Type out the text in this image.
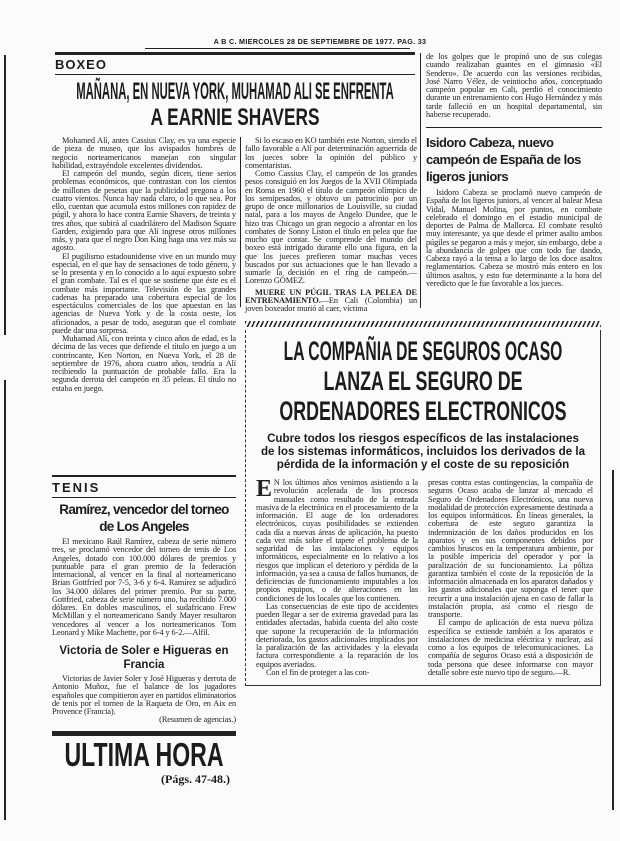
A B C. MIERCOLES 28 DE SEPTIEMBRE DE 1977. PAG. 33
BOXEO
MAÑANA, EN NUEVA YORK, MUHAMAD ALI SE ENFRENTA
A EARNIE SHAVERS

Mohamed Alí, antes Cassius Clay, es ya una especie de pieza de museo, que los avispados hombres de negocio norteamericanos manejan con singular habilidad, extrayéndole excelentes dividendos.

El campeón del mundo, según dicen, tiene serios problemas económicos, que contrastan con los cientos de millones de pesetas que la publicidad pregona a los cuatro vientos. Nunca hay nada claro, o lo que sea. Por ello, cuentan que acumula estos millones con rapidez de púgil, y ahora lo hace contra Earnie Shavers, de treinta y tres años, que subirá al cuadrilátero del Madison Square Garden, exigiendo para que Alí ingrese otros millones más, y para que el negro Don King haga una vez más su agosto.

El pugilismo estadounidense vive en un mundo muy especial, en el que hay de sensaciones de todo género, y se lo presenta y en lo conocido a lo aquí expuesto sobre el gran combate. Tal es el que se sostiene que éste es el combate más importante. Televisión de las grandes cadenas ha preparado una cobertura especial de los espectáculos comerciales de los que apuestan en las agencias de Nueva York y de la costa oeste, los aficionados, a pesar de todo, aseguran que el combate puede dar una sorpresa.

Muhamad Alí, con treinta y cinco años de edad, es la décima de las veces que defiende el título en juego a un contrincante, Ken Norton, en Nueva York, el 28 de septiembre de 1976, ahora cuatro años, tendría a Alí recibiendo la puntuación de probable fallo. Era la segunda derrota del campeón en 35 peleas. El título no estaba en juego.

TENIS
Ramírez, vencedor del torneo de Los Angeles

El mexicano Raúl Ramírez, cabeza de serie número tres, se proclamó vencedor del torneo de tenis de Los Angeles, dotado con 100.000 dólares de premios y puntuable para el gran premio de la federación internacional, al vencer en la final al norteamericano Brian Gottfried por 7-5, 3-6 y 6-4. Ramírez se adjudicó los 34.000 dólares del primer premio. Por su parte, Gottfried, cabeza de serie número uno, ha recibido 7.000 dólares. En dobles masculinos, el sudafricano Frew McMillan y el norteamericano Sandy Mayer resultaron vencedores al vencer a los norteamericanos Tom Leonard y Mike Machette, por 6-4 y 6-2.—Alfil.

Victoria de Soler e Higueras en Francia

Victorias de Javier Soler y José Higueras y derrota de Antonio Muñoz, fue el balance de los jugadores españoles que compitieron ayer en partidos eliminatorios de tenis por el torneo de la Raqueta de Oro, en Aix en Provence (Francia).

(Resumen de agencias.)
ULTIMA HORA
(Págs. 47-48.)

Si lo escaso en KO también este Norton, siendo el fallo favorable a Alí por determinación aguerrida de los jueces sobre la opinión del público y comentaristas.

Como Cassius Clay, el campeón de los grandes pesos consiguió en los Juegos de la XVII Olimpiada en Roma en 1960 el título de campeón olímpico de los semipesados, y obtuvo un patrocinio por un grupo de once millonarios de Louisville, su ciudad natal, para a los mayos de Angelo Dundee, que le hizo tras Chicago un gran negocio a afrontar en los combates de Sonny Liston el título en pelea que fue mucho que contar. Se comprende del mundo del boxeo está intrigado durante ello una figura, en la que los jueces prefieren tomar muchas veces buscados por sus actuaciones que le han llevado a sumarle la decisión en el ring de campeón.—Lorenzo GÓMEZ.

MUERE UN PÚGIL TRAS LA PELEA DE ENTRENAMIENTO.—En Cali (Colombia) un joven boxeador murió al caer, víctima

de los golpes que le propinó uno de sus colegas cuando realizaban guantes en el gimnasio «El Sendero». De acuerdo con las versiones recibidas, José Narro Vélez, de veintiocho años, conceptuado campeón popular en Cali, perdió el conocimiento durante un entrenamiento con Hugo Hernández y más tarde falleció en un hospital departamental, sin haberse recuperado.
Isidoro Cabeza, nuevo campeón de España de los ligeros juniors

Isidoro Cabeza se proclamó nuevo campeón de España de los ligeros juniors, al vencer al balear Mesa Vidal, Manuel Molina, por puntos, en combate celebrado el domingo en el estadio municipal de deportes de Palma de Mallorca. El combate resultó muy interesante, ya que desde el primer asalto ambos púgiles se pegaron a más y mejor, sin embargo, debe a la abundancia de golpes que con todo fue dando, Cabeza rayó a la tensa a lo largo de los doce asaltos reglamentarios. Cabeza se mostró más entero en los últimos asaltos, y esto fue determinante a la hora del veredicto que le fue favorable a los jueces.

LA COMPAÑIA DE SEGUROS OCASO
LANZA EL SEGURO DE
ORDENADORES ELECTRONICOS
Cubre todos los riesgos específicos de las instalaciones de los sistemas informáticos, incluidos los derivados de la pérdida de la información y el coste de su reposición

E N los últimos años venimos asistiendo a la revolución acelerada de los procesos manuales como resultado de la entrada masiva de la electrónica en el procesamiento de la información. El auge de los ordenadores electrónicos, cuyas posibilidades se extienden cada día a nuevas áreas de aplicación, ha puesto cada vez más sobre el tapete el problema de la seguridad de las instalaciones y equipos informáticos, especialmente en lo relativo a los riesgos que implican el deterioro y pérdida de la información, ya sea a causa de fallos humanos, de deficiencias de funcionamiento imputables a los propios equipos, o de alteraciones en las condiciones de los locales que los contienen.

Las consecuencias de este tipo de accidentes pueden llegar a ser de extrema gravedad para las entidades afectadas, habida cuenta del alto coste que supone la recuperación de la información deteriorada, los gastos adicionales implicados por la paralización de las actividades y la elevada factura correspondiente a la reparación de los equipos averiados.

Con el fin de proteger a las con-

presas contra estas contingencias, la compañía de seguros Ocaso acaba de lanzar al mercado el Seguro de Ordenadores Electrónicos, una nueva modalidad de protección expresamente destinada a los equipos informáticos. En líneas generales, la cobertura de este seguro garantiza la indemnización de los daños producidos en los aparatos y en sus componentes debidos por cambios bruscos en la temperatura ambiente, por la posible impericia del operador y por la paralización de su funcionamiento. La póliza garantiza también el coste de la reposición de la información almacenada en los aparatos dañados y los gastos adicionales que suponga el tener que recurrir a una instalación ajena en caso de fallar la instalación propia, así como el riesgo de transporte.

El campo de aplicación de esta nueva póliza específica se extiende también a los aparatos e instalaciones de medicina eléctrica y nuclear, así como a los equipos de telecomunicaciones. La compañía de seguros Ocaso está a disposición de toda persona que desee informarse con mayor detalle sobre este nuevo tipo de seguro.—R.
